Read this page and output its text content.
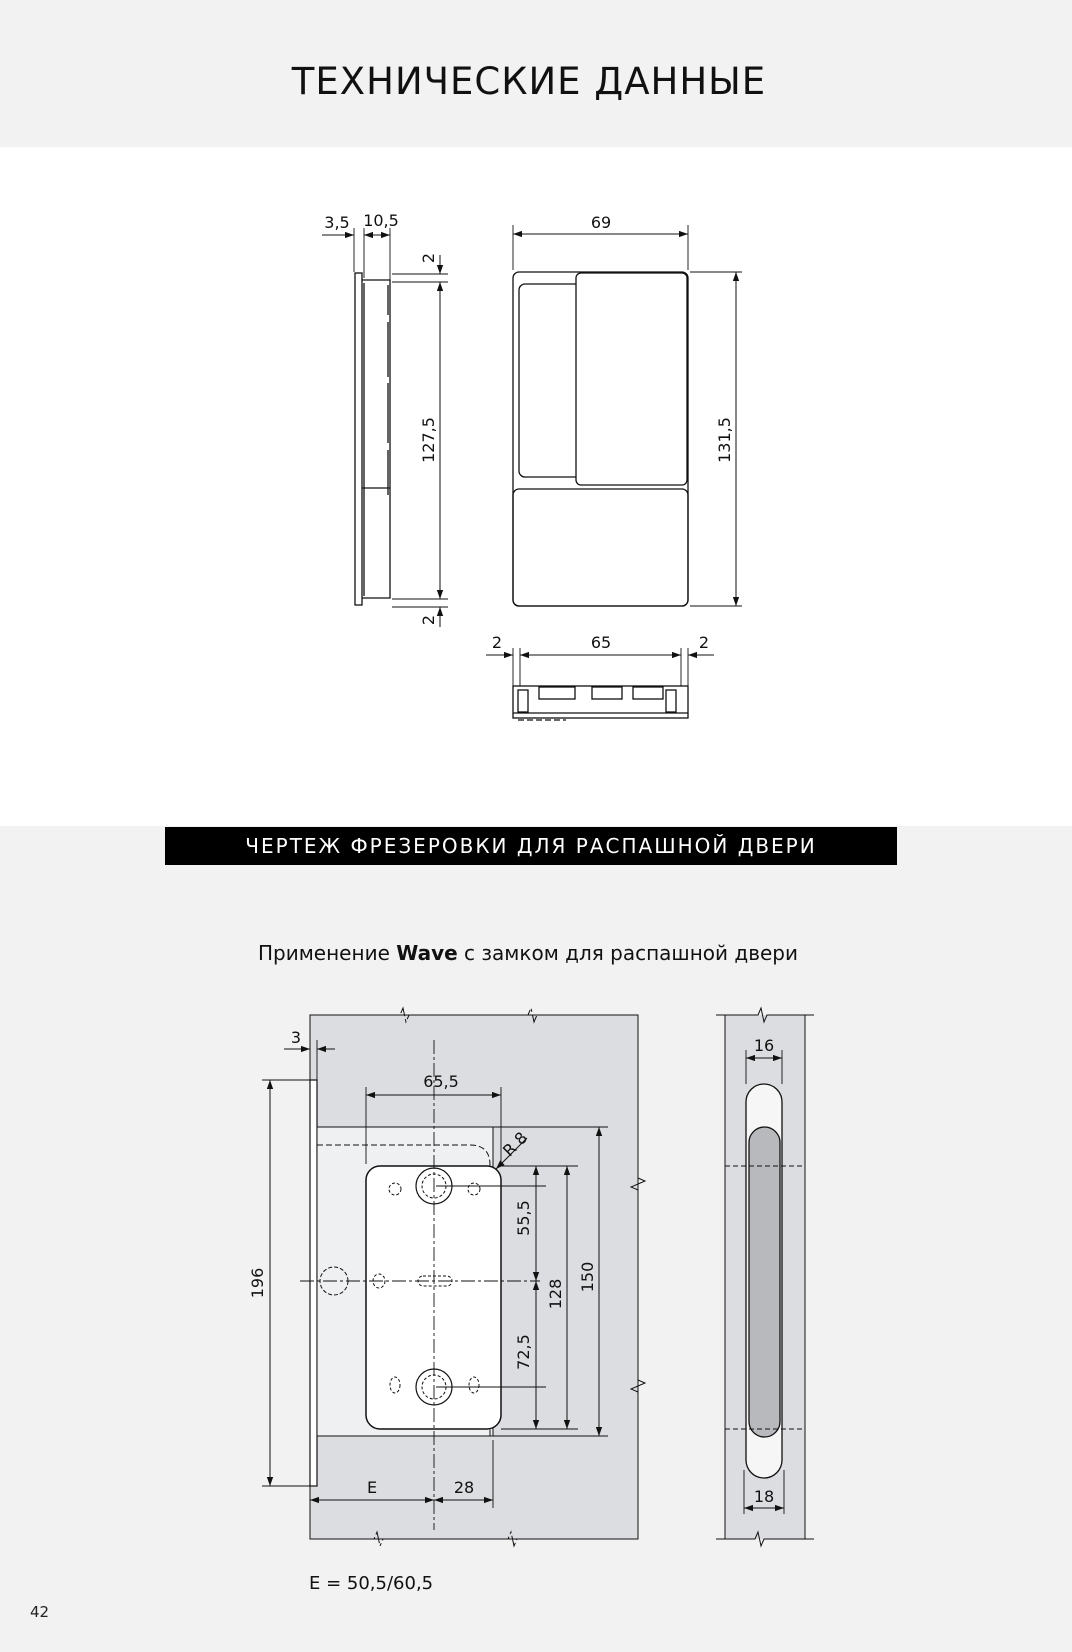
ТЕХНИЧЕСКИЕ ДАННЫЕ
3,5 10,5
2
127,5
2
69
131,5
2	65	2
3
65,5
R 8
55,5
72,5
128
150
196
E	28
16
18
ЧЕРТЕЖ ФРЕЗЕРОВКИ ДЛЯ РАСПАШНОЙ ДВЕРИ

Применение Wave с замком для распашной двери

E = 50,5/60,5
42
